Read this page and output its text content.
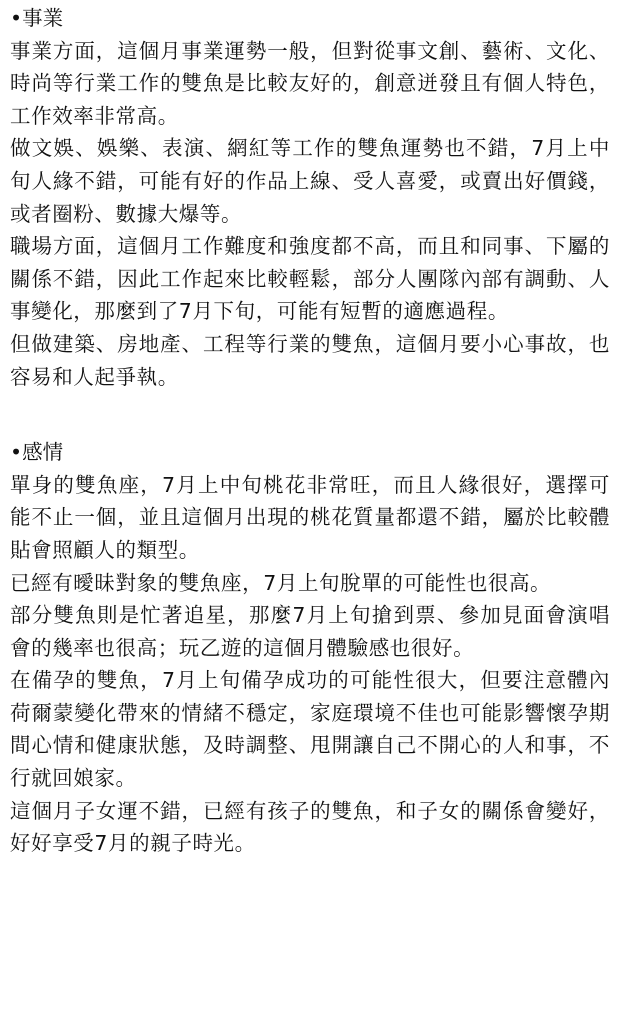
•事業

事業方面，這個月事業運勢一般，但對從事文創、藝術、文化、時尚等行業工作的雙魚是比較友好的，創意迸發且有個人特色，工作效率非常高。

做文娛、娛樂、表演、網紅等工作的雙魚運勢也不錯，7月上中旬人緣不錯，可能有好的作品上線、受人喜愛，或賣出好價錢，或者圈粉、數據大爆等。

職場方面，這個月工作難度和強度都不高，而且和同事、下屬的關係不錯，因此工作起來比較輕鬆，部分人團隊內部有調動、人事變化，那麼到了7月下旬，可能有短暫的適應過程。

但做建築、房地產、工程等行業的雙魚，這個月要小心事故，也容易和人起爭執。

•感情

單身的雙魚座，7月上中旬桃花非常旺，而且人緣很好，選擇可能不止一個，並且這個月出現的桃花質量都還不錯，屬於比較體貼會照顧人的類型。

已經有曖昧對象的雙魚座，7月上旬脫單的可能性也很高。

部分雙魚則是忙著追星，那麼7月上旬搶到票、參加見面會演唱會的幾率也很高；玩乙遊的這個月體驗感也很好。

在備孕的雙魚，7月上旬備孕成功的可能性很大，但要注意體內荷爾蒙變化帶來的情緒不穩定，家庭環境不佳也可能影響懷孕期間心情和健康狀態，及時調整、甩開讓自己不開心的人和事，不行就回娘家。

這個月子女運不錯，已經有孩子的雙魚，和子女的關係會變好，好好享受7月的親子時光。
